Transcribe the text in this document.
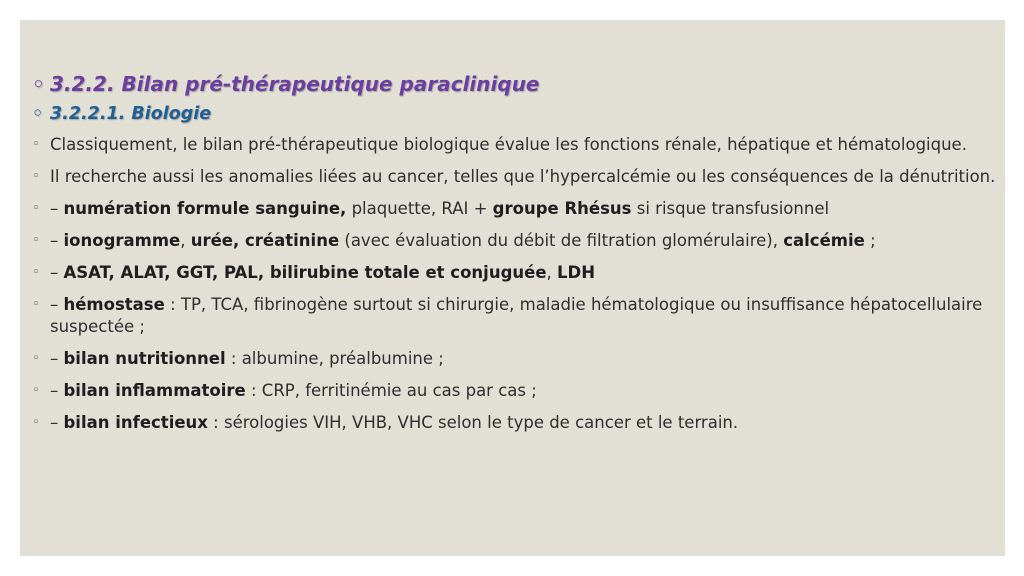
◦ 3.2.2. Bilan pré-thérapeutique paraclinique
◦ 3.2.2.1. Biologie
◦ Classiquement, le bilan pré-thérapeutique biologique évalue les fonctions rénale, hépatique et hématologique.
◦ Il recherche aussi les anomalies liées au cancer, telles que l’hypercalcémie ou les conséquences de la dénutrition.
◦ – numération formule sanguine, plaquette, RAI + groupe Rhésus si risque transfusionnel
◦ – ionogramme, urée, créatinine (avec évaluation du débit de filtration glomérulaire), calcémie ;
◦ – ASAT, ALAT, GGT, PAL, bilirubine totale et conjuguée, LDH
◦ – hémostase : TP, TCA, fibrinogène surtout si chirurgie, maladie hématologique ou insuffisance hépatocellulaire suspectée ;
◦ – bilan nutritionnel : albumine, préalbumine ;
◦ – bilan inflammatoire : CRP, ferritinémie au cas par cas ;
◦ – bilan infectieux : sérologies VIH, VHB, VHC selon le type de cancer et le terrain.
